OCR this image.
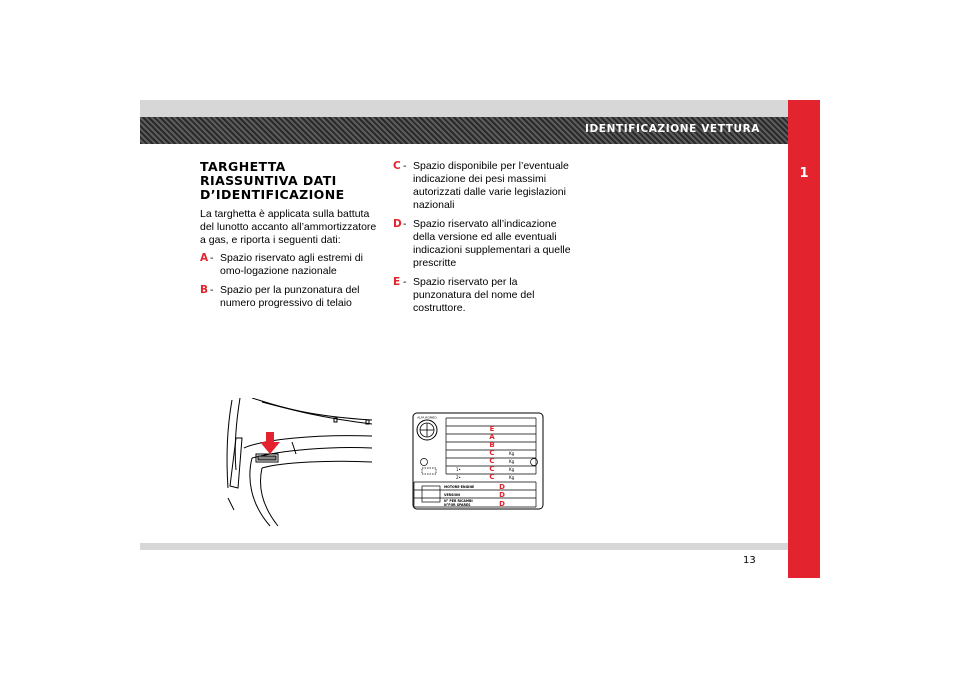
IDENTIFICAZIONE VETTURA
1
TARGHETTA
RIASSUNTIVA DATI
D’IDENTIFICAZIONE

La targhetta è applicata sulla battuta del lunotto accanto all’ammortizzatore a gas, e riporta i seguenti dati:

A - Spazio riservato agli estremi di omo-logazione nazionale
B - Spazio per la punzonatura del numero progressivo di telaio
C - Spazio disponibile per l’eventuale indicazione dei pesi massimi autorizzati dalle varie legislazioni nazionali
D - Spazio riservato all’indicazione della versione ed alle eventuali indicazioni supplementari a quelle prescritte
E - Spazio riservato per la punzonatura del nome del costruttore.
ALFA ROMEO
E
A
B
C
C
C
C
D
D
D
Kg
Kg
Kg
Kg
1•
2•
MOTORE-ENGINE
VERSION
N° PER RICAMBI
N°FOR SPARES
13
